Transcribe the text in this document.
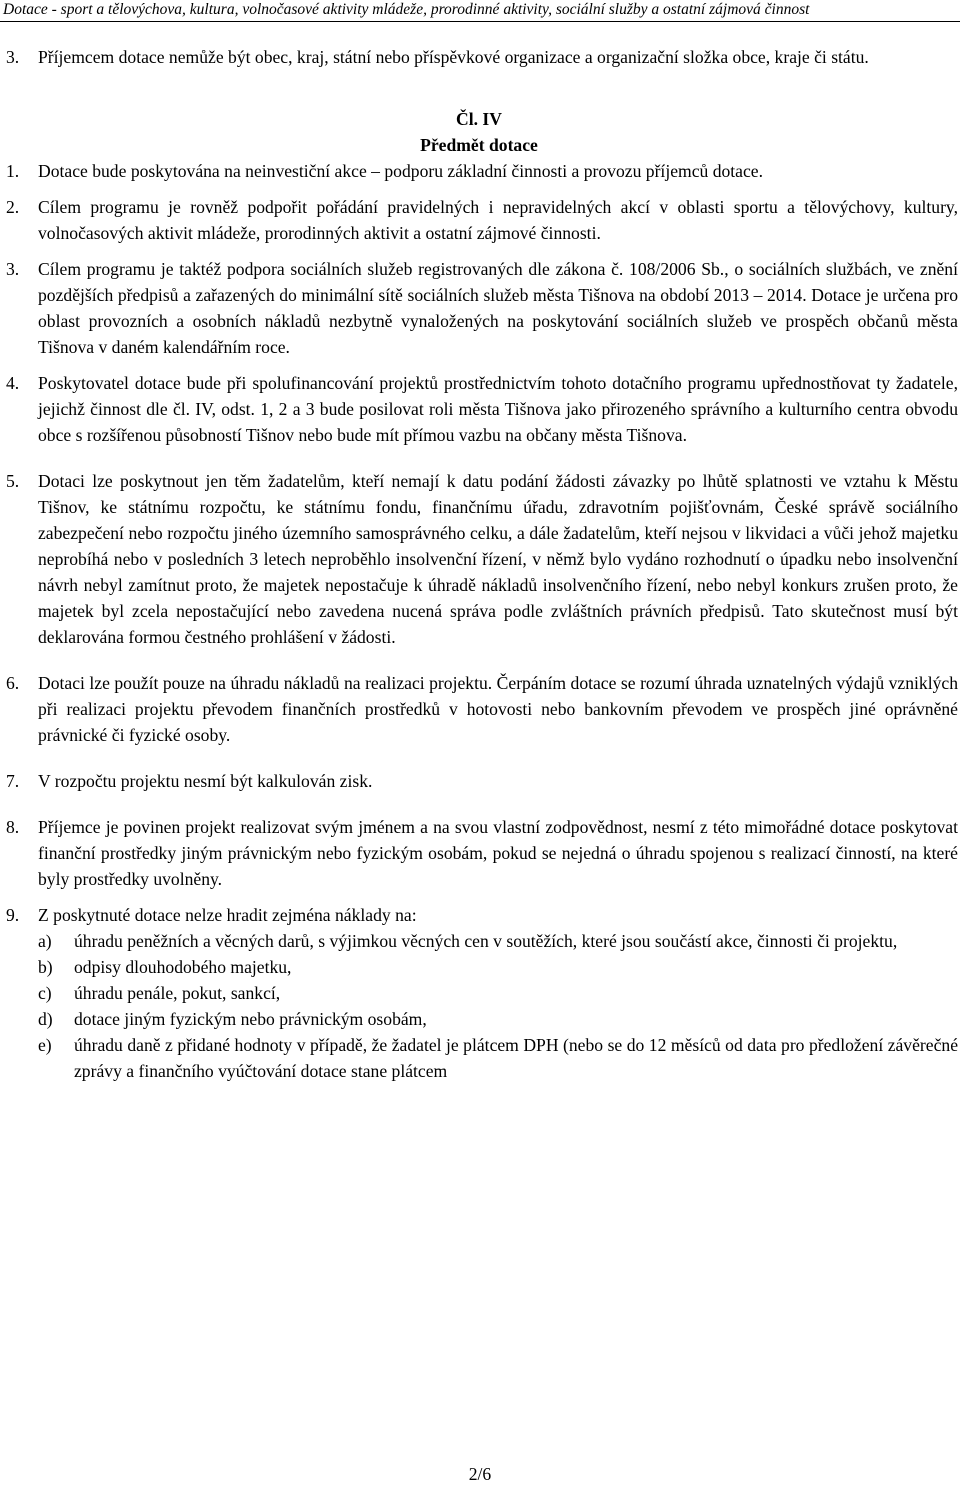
Dotace - sport a tělovýchova, kultura, volnočasové aktivity mládeže, prorodinné aktivity, sociální služby a ostatní zájmová činnost
3. Příjemcem dotace nemůže být obec, kraj, státní nebo příspěvkové organizace a organizační složka obce, kraje či státu.
Čl. IV
Předmět dotace
1. Dotace bude poskytována na neinvestiční akce – podporu základní činnosti a provozu příjemců dotace.
2. Cílem programu je rovněž podpořit pořádání pravidelných i nepravidelných akcí v oblasti sportu a tělovýchovy, kultury, volnočasových aktivit mládeže, prorodinných aktivit a ostatní zájmové činnosti.
3. Cílem programu je taktéž podpora sociálních služeb registrovaných dle zákona č. 108/2006 Sb., o sociálních službách, ve znění pozdějších předpisů a zařazených do minimální sítě sociálních služeb města Tišnova na období 2013 – 2014. Dotace je určena pro oblast provozních a osobních nákladů nezbytně vynaložených na poskytování sociálních služeb ve prospěch občanů města Tišnova v daném kalendářním roce.
4. Poskytovatel dotace bude při spolufinancování projektů prostřednictvím tohoto dotačního programu upřednostňovat ty žadatele, jejichž činnost dle čl. IV, odst. 1, 2 a 3 bude posilovat roli města Tišnova jako přirozeného správního a kulturního centra obvodu obce s rozšířenou působností Tišnov nebo bude mít přímou vazbu na občany města Tišnova.
5. Dotaci lze poskytnout jen těm žadatelům, kteří nemají k datu podání žádosti závazky po lhůtě splatnosti ve vztahu k Městu Tišnov, ke státnímu rozpočtu, ke státnímu fondu, finančnímu úřadu, zdravotním pojišťovnám, České správě sociálního zabezpečení nebo rozpočtu jiného územního samosprávného celku, a dále žadatelům, kteří nejsou v likvidaci a vůči jehož majetku neprobíhá nebo v posledních 3 letech neproběhlo insolvenční řízení, v němž bylo vydáno rozhodnutí o úpadku nebo insolvenční návrh nebyl zamítnut proto, že majetek nepostačuje k úhradě nákladů insolvenčního řízení, nebo nebyl konkurs zrušen proto, že majetek byl zcela nepostačující nebo zavedena nucená správa podle zvláštních právních předpisů. Tato skutečnost musí být deklarována formou čestného prohlášení v žádosti.
6. Dotaci lze použít pouze na úhradu nákladů na realizaci projektu. Čerpáním dotace se rozumí úhrada uznatelných výdajů vzniklých při realizaci projektu převodem finančních prostředků v hotovosti nebo bankovním převodem ve prospěch jiné oprávněné právnické či fyzické osoby.
7. V rozpočtu projektu nesmí být kalkulován zisk.
8. Příjemce je povinen projekt realizovat svým jménem a na svou vlastní zodpovědnost, nesmí z této mimořádné dotace poskytovat finanční prostředky jiným právnickým nebo fyzickým osobám, pokud se nejedná o úhradu spojenou s realizací činností, na které byly prostředky uvolněny.
9. Z poskytnuté dotace nelze hradit zejména náklady na:
a) úhradu peněžních a věcných darů, s výjimkou věcných cen v soutěžích, které jsou součástí akce, činnosti či projektu,
b) odpisy dlouhodobého majetku,
c) úhradu penále, pokut, sankcí,
d) dotace jiným fyzickým nebo právnickým osobám,
e) úhradu daně z přidané hodnoty v případě, že žadatel je plátcem DPH (nebo se do 12 měsíců od data pro předložení závěrečné zprávy a finančního vyúčtování dotace stane plátcem
2/6
